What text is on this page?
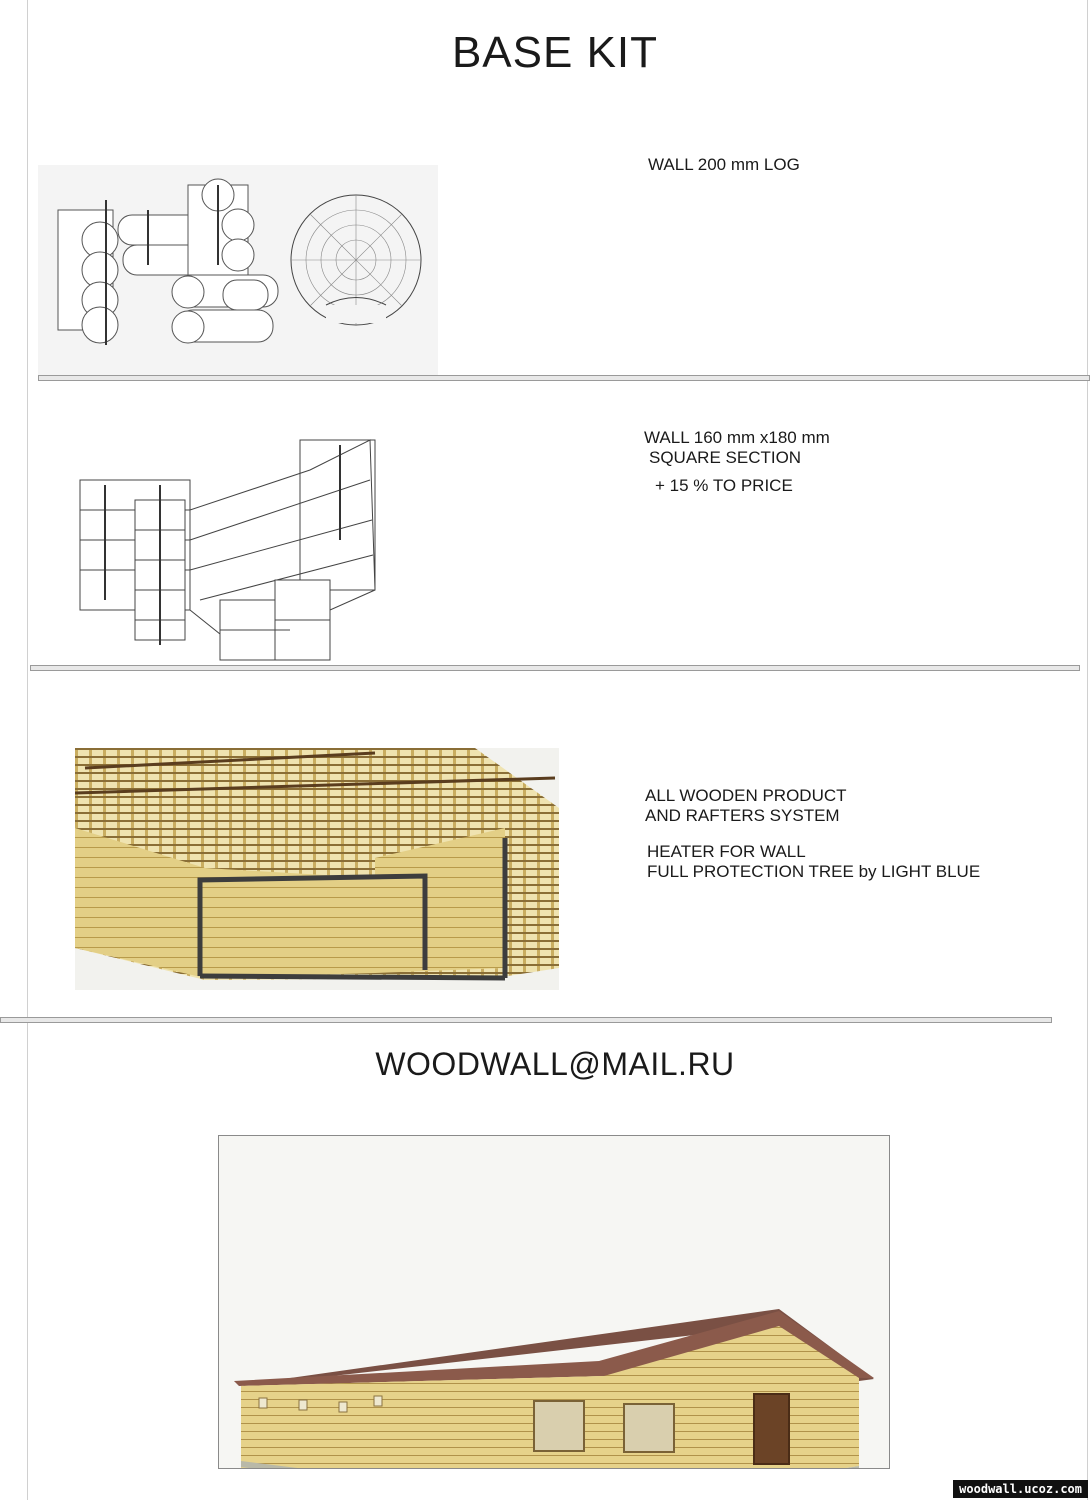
BASE KIT
WALL 200 mm LOG
WALL 160 mm x180 mm
SQUARE SECTION
+ 15 % TO PRICE
ALL WOODEN PRODUCT
AND RAFTERS SYSTEM
HEATER FOR WALL
FULL PROTECTION TREE by LIGHT BLUE
WOODWALL@MAIL.RU
woodwall.ucoz.com
